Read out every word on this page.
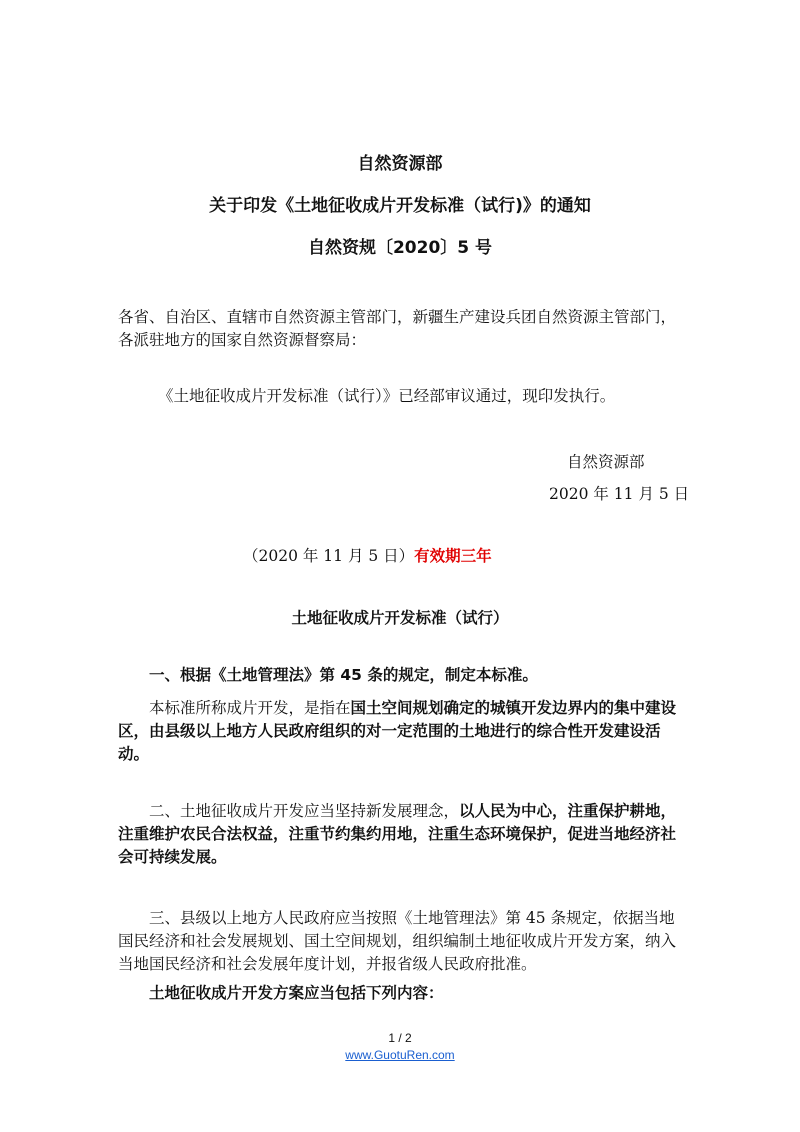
自然资源部
关于印发《土地征收成片开发标准（试行)》的通知
自然资规〔2020〕5 号
各省、自治区、直辖市自然资源主管部门，新疆生产建设兵团自然资源主管部门，各派驻地方的国家自然资源督察局：
《土地征收成片开发标准（试行）》已经部审议通过，现印发执行。
自然资源部
2020 年 11 月 5 日
（2020 年 11 月 5 日）有效期三年
土地征收成片开发标准（试行）
一、根据《土地管理法》第 45 条的规定，制定本标准。
本标准所称成片开发，是指在国土空间规划确定的城镇开发边界内的集中建设区，由县级以上地方人民政府组织的对一定范围的土地进行的综合性开发建设活动。
二、土地征收成片开发应当坚持新发展理念，以人民为中心，注重保护耕地，注重维护农民合法权益，注重节约集约用地，注重生态环境保护，促进当地经济社会可持续发展。
三、县级以上地方人民政府应当按照《土地管理法》第 45 条规定，依据当地国民经济和社会发展规划、国土空间规划，组织编制土地征收成片开发方案，纳入当地国民经济和社会发展年度计划，并报省级人民政府批准。
土地征收成片开发方案应当包括下列内容：
1 / 2
www.GuotuRen.com
